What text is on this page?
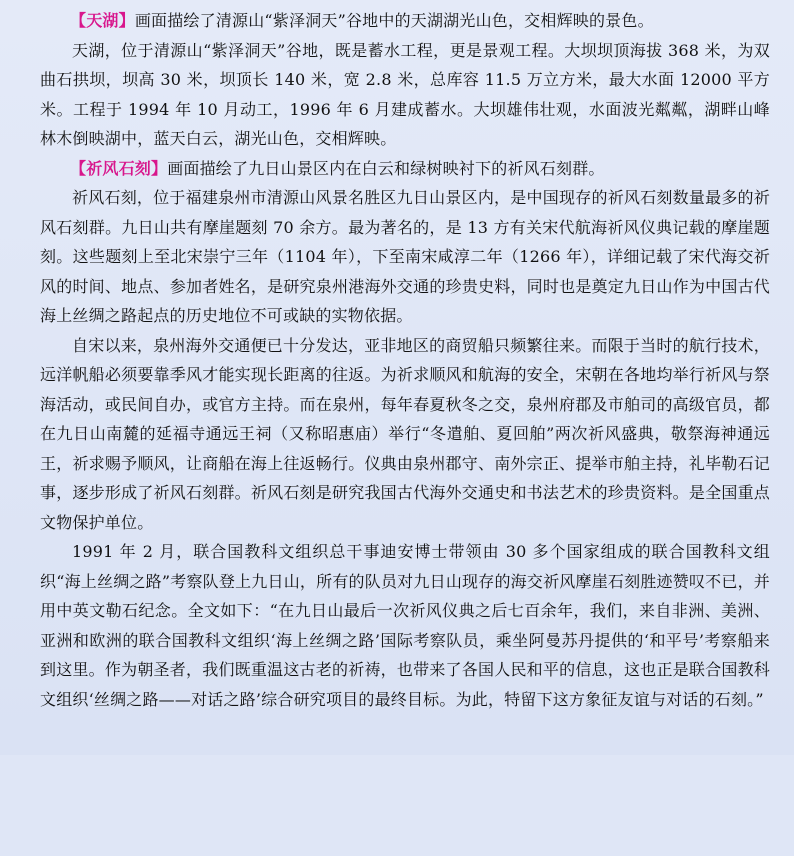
【天湖】画面描绘了清源山“紫泽洞天”谷地中的天湖湖光山色，交相辉映的景色。

天湖，位于清源山“紫泽洞天”谷地，既是蓄水工程，更是景观工程。大坝坝顶海拔 368 米，为双曲石拱坝，坝高 30 米，坝顶长 140 米，宽 2.8 米，总库容 11.5 万立方米，最大水面 12000 平方米。工程于 1994 年 10 月动工，1996 年 6 月建成蓄水。大坝雄伟壮观，水面波光粼粼，湖畔山峰林木倒映湖中，蓝天白云，湖光山色，交相辉映。

【祈风石刻】画面描绘了九日山景区内在白云和绿树映衬下的祈风石刻群。

祈风石刻，位于福建泉州市清源山风景名胜区九日山景区内，是中国现存的祈风石刻数量最多的祈风石刻群。九日山共有摩崖题刻 70 余方。最为著名的，是 13 方有关宋代航海祈风仪典记载的摩崖题刻。这些题刻上至北宋崇宁三年（1104 年），下至南宋咸淳二年（1266 年），详细记载了宋代海交祈风的时间、地点、参加者姓名，是研究泉州港海外交通的珍贵史料，同时也是奠定九日山作为中国古代海上丝绸之路起点的历史地位不可或缺的实物依据。

自宋以来，泉州海外交通便已十分发达，亚非地区的商贸船只频繁往来。而限于当时的航行技术，远洋帆船必须要靠季风才能实现长距离的往返。为祈求顺风和航海的安全，宋朝在各地均举行祈风与祭海活动，或民间自办，或官方主持。而在泉州，每年春夏秋冬之交，泉州府郡及市舶司的高级官员，都在九日山南麓的延福寺通远王祠（又称昭惠庙）举行“冬遣舶、夏回舶”两次祈风盛典，敬祭海神通远王，祈求赐予顺风，让商船在海上往返畅行。仪典由泉州郡守、南外宗正、提举市舶主持，礼毕勒石记事，逐步形成了祈风石刻群。祈风石刻是研究我国古代海外交通史和书法艺术的珍贵资料。是全国重点文物保护单位。

1991 年 2 月，联合国教科文组织总干事迪安博士带领由 30 多个国家组成的联合国教科文组织“海上丝绸之路”考察队登上九日山，所有的队员对九日山现存的海交祈风摩崖石刻胜迹赞叹不已，并用中英文勒石纪念。全文如下：“在九日山最后一次祈风仪典之后七百余年，我们，来自非洲、美洲、亚洲和欧洲的联合国教科文组织‘海上丝绸之路’国际考察队员，乘坐阿曼苏丹提供的‘和平号’考察船来到这里。作为朝圣者，我们既重温这古老的祈祷，也带来了各国人民和平的信息，这也正是联合国教科文组织‘丝绸之路——对话之路’综合研究项目的最终目标。为此，特留下这方象征友谊与对话的石刻。”
